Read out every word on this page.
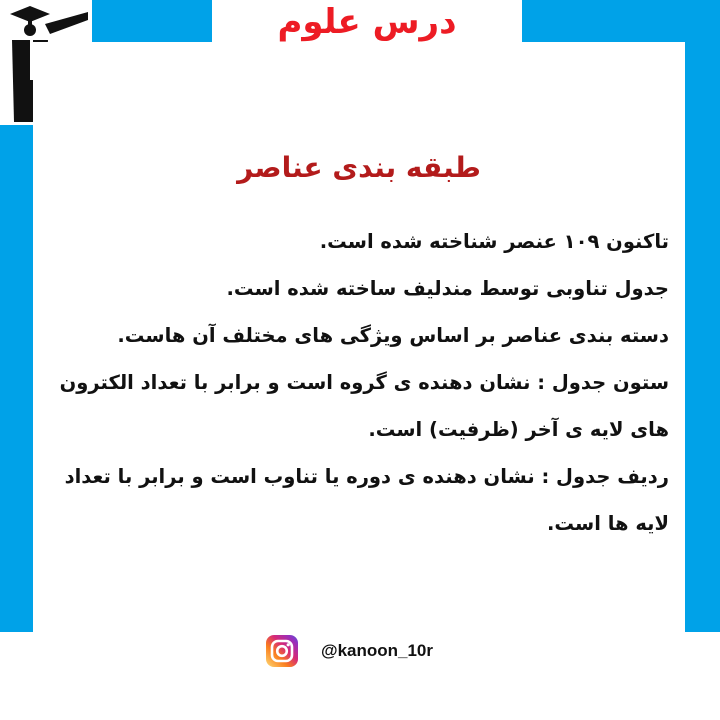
درس علوم
طبقه بندی عناصر

تاکنون ۱۰۹ عنصر شناخته شده است.

جدول تناوبی توسط مندلیف ساخته شده است.

دسته بندی عناصر بر اساس ویژگی های مختلف آن هاست.

ستون جدول : نشان دهنده ی گروه است و برابر با تعداد الکترون های لایه ی آخر (ظرفیت) است.

ردیف جدول : نشان دهنده ی دوره یا تناوب است و برابر با تعداد لایه ها است.

@kanoon_10r
